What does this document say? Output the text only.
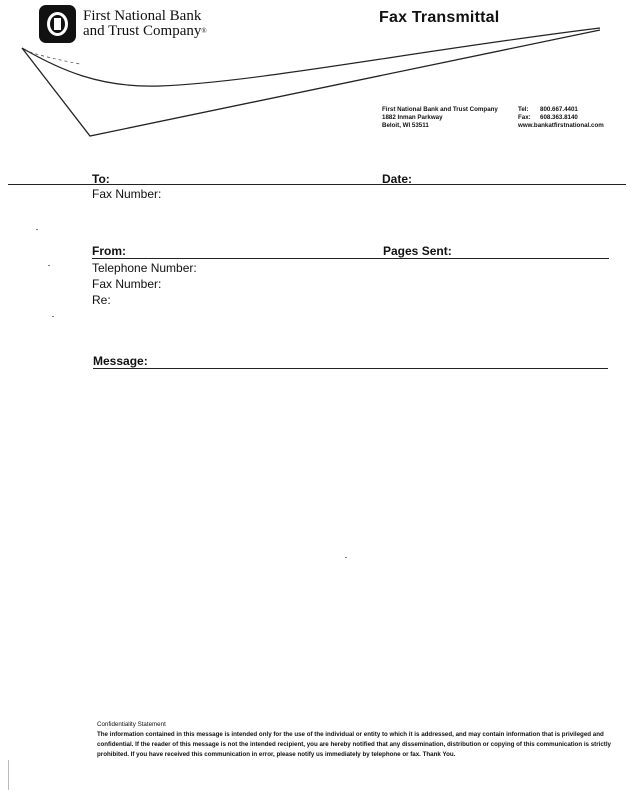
First National Bank
and Trust Company®
Fax Transmittal
First National Bank and Trust Company
1882 Inman Parkway
Beloit, WI 53511
Tel: 800.667.4401
Fax: 608.363.8140
www.bankatfirstnational.com
To:	Date:
Fax Number:
From:	Pages Sent:
Telephone Number:
Fax Number:
Re:
Message:
Confidentiality Statement
The information contained in this message is intended only for the use of the individual or entity to which it is addressed, and may contain information that is privileged and confidential. If the reader of this message is not the intended recipient, you are hereby notified that any dissemination, distribution or copying of this communication is strictly prohibited. If you have received this communication in error, please notify us immediately by telephone or fax. Thank You.
